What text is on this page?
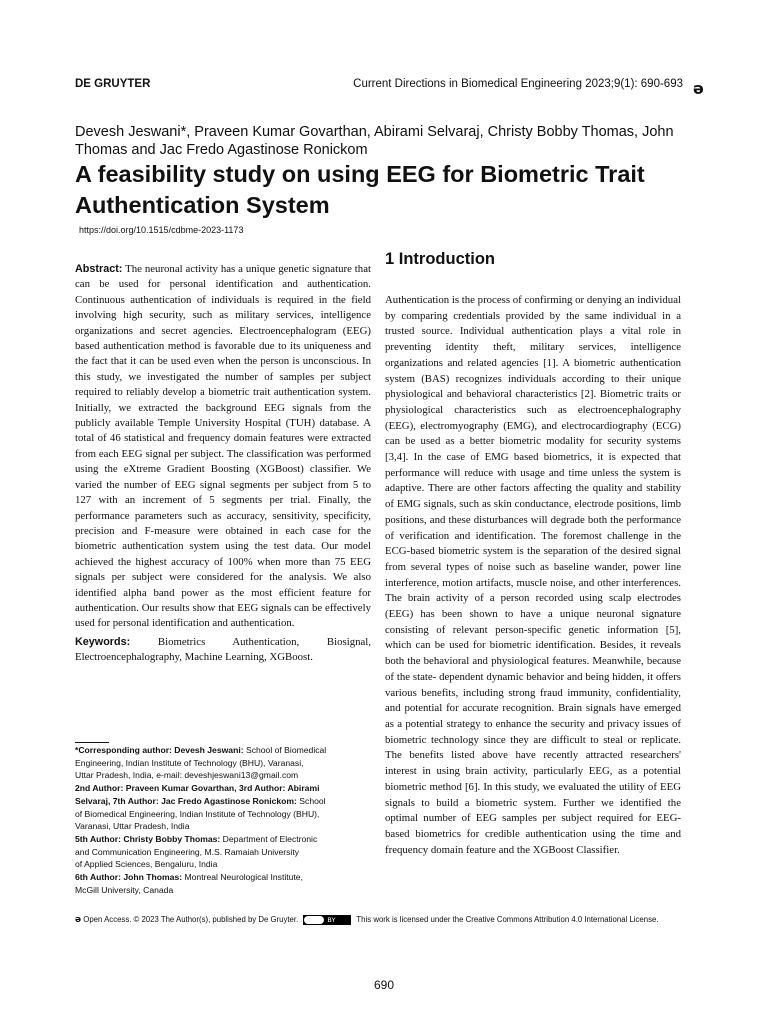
DE GRUYTER	Current Directions in Biomedical Engineering 2023;9(1): 690-693 ə
Devesh Jeswani*, Praveen Kumar Govarthan, Abirami Selvaraj, Christy Bobby Thomas, John Thomas and Jac Fredo Agastinose Ronickom
A feasibility study on using EEG for Biometric Trait Authentication System
https://doi.org/10.1515/cdbme-2023-1173

Abstract: The neuronal activity has a unique genetic signature that can be used for personal identification and authentication. Continuous authentication of individuals is required in the field involving high security, such as military services, intelligence organizations and secret agencies. Electroencephalogram (EEG) based authentication method is favorable due to its uniqueness and the fact that it can be used even when the person is unconscious. In this study, we investigated the number of samples per subject required to reliably develop a biometric trait authentication system. Initially, we extracted the background EEG signals from the publicly available Temple University Hospital (TUH) database. A total of 46 statistical and frequency domain features were extracted from each EEG signal per subject. The classification was performed using the eXtreme Gradient Boosting (XGBoost) classifier. We varied the number of EEG signal segments per subject from 5 to 127 with an increment of 5 segments per trial. Finally, the performance parameters such as accuracy, sensitivity, specificity, precision and F-measure were obtained in each case for the biometric authentication system using the test data. Our model achieved the highest accuracy of 100% when more than 75 EEG signals per subject were considered for the analysis. We also identified alpha band power as the most efficient feature for authentication. Our results show that EEG signals can be effectively used for personal identification and authentication.

Keywords:	Biometrics Authentication, Biosignal, Electroencephalography, Machine Learning, XGBoost.

*Corresponding author: Devesh Jeswani: School of Biomedical
Engineering, Indian Institute of Technology (BHU), Varanasi,
Uttar Pradesh, India, e-mail: deveshjeswani13@gmail.com
2nd Author: Praveen Kumar Govarthan, 3rd Author: Abirami
Selvaraj, 7th Author: Jac Fredo Agastinose Ronickom: School
of Biomedical Engineering, Indian Institute of Technology (BHU),
Varanasi, Uttar Pradesh, India
5th Author: Christy Bobby Thomas: Department of Electronic
and Communication Engineering, M.S. Ramaiah University
of Applied Sciences, Bengaluru, India
6th Author: John Thomas: Montreal Neurological Institute,
McGill University, Canada
1 Introduction

Authentication is the process of confirming or denying an individual by comparing credentials provided by the same individual in a trusted source. Individual authentication plays a vital role in preventing identity theft, military services, intelligence organizations and related agencies [1]. A biometric authentication system (BAS) recognizes individuals according to their unique physiological and behavioral characteristics [2]. Biometric traits or physiological characteristics such as electroencephalography (EEG), electromyography (EMG), and electrocardiography (ECG) can be used as a better biometric modality for security systems [3,4]. In the case of EMG based biometrics, it is expected that performance will reduce with usage and time unless the system is adaptive. There are other factors affecting the quality and stability of EMG signals, such as skin conductance, electrode positions, limb positions, and these disturbances will degrade both the performance of verification and identification. The foremost challenge in the ECG-based biometric system is the separation of the desired signal from several types of noise such as baseline wander, power line interference, motion artifacts, muscle noise, and other interferences. The brain activity of a person recorded using scalp electrodes (EEG) has been shown to have a unique neuronal signature consisting of relevant person-specific genetic information [5], which can be used for biometric identification. Besides, it reveals both the behavioral and physiological features. Meanwhile, because of the state- dependent dynamic behavior and being hidden, it offers various benefits, including strong fraud immunity, confidentiality, and potential for accurate recognition. Brain signals have emerged as a potential strategy to enhance the security and privacy issues of biometric technology since they are difficult to steal or replicate. The benefits listed above have recently attracted researchers' interest in using brain activity, particularly EEG, as a potential biometric method [6]. In this study, we evaluated the utility of EEG signals to build a biometric system. Further we identified the optimal number of EEG samples per subject required for EEG-based biometrics for credible authentication using the time and frequency domain feature and the XGBoost Classifier.

ə Open Access. © 2023 The Author(s), published by De Gruyter.	BY	This work is licensed under the Creative Commons Attribution 4.0 International License.
690
